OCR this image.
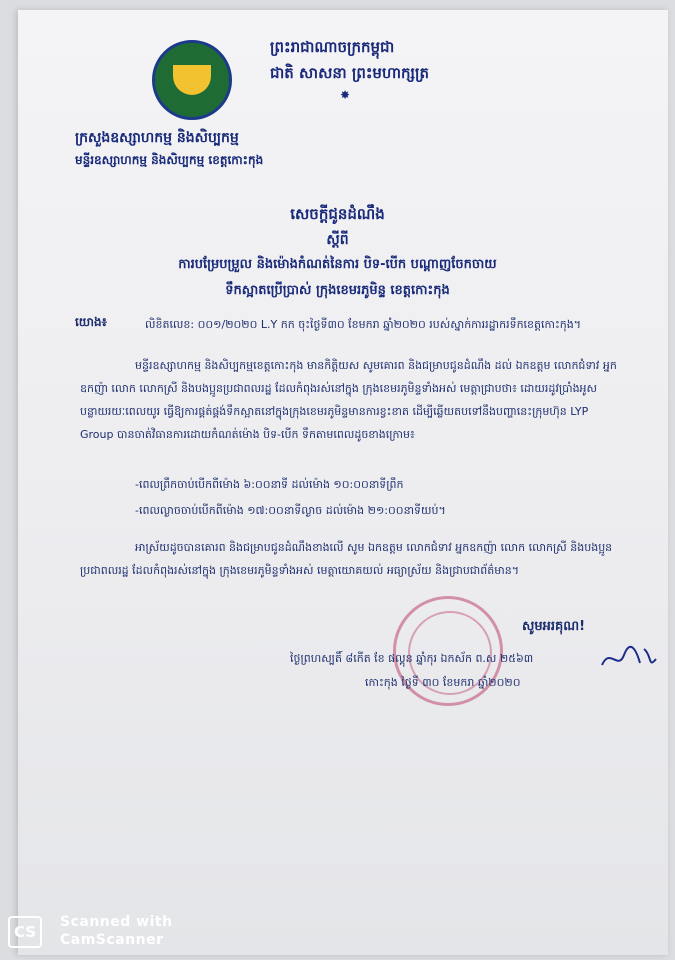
ព្រះរាជាណាចក្រកម្ពុជា
ជាតិ សាសនា ព្រះមហាក្សត្រ
✸
ក្រសួងឧស្សាហកម្ម និងសិប្បកម្ម
មន្ទីរឧស្សាហកម្ម និងសិប្បកម្ម ខេត្តកោះកុង
សេចក្តីជូនដំណឹង
ស្តីពី
ការបម្រែបម្រួល និងម៉ោងកំណត់នៃការ បិទ-បើក បណ្តាញចែកចាយ
ទឹកស្អាតប្រើប្រាស់ ក្រុងខេមរភូមិន្ទ ខេត្តកោះកុង
យោង៖	លិខិតលេខ: ០០១/២០២០ L.Y កក ចុះថ្ងៃទី៣០ ខែមករា ឆ្នាំ២០២០ របស់ស្នាក់ការរដ្ឋាករទឹកខេត្តកោះកុង។
មន្ទីរឧស្សាហកម្ម និងសិប្បកម្មខេត្តកោះកុង មានកិត្តិយស សូមគោរព និងជម្រាបជូនដំណឹង ដល់ ឯកឧត្តម លោកជំទាវ អ្នកឧកញ៉ា លោក លោកស្រី និងបងប្អូនប្រជាពលរដ្ឋ ដែលកំពុងរស់នៅក្នុង ក្រុងខេមរភូមិន្ទទាំងអស់ មេត្តាជ្រាបថា៖ ដោយរដូវប្រាំងអូសបន្លាយរយៈពេលយូរ ធ្វើឱ្យការផ្គត់ផ្គង់ទឹកស្អាតនៅក្នុងក្រុងខេមរភូមិន្ទមានការខ្វះខាត ដើម្បីឆ្លើយតបទៅនឹងបញ្ហានេះក្រុមហ៊ុន LYP Group បានចាត់វិធានការដោយកំណត់ម៉ោង បិទ-បើក ទឹកតាមពេលដូចខាងក្រោម៖
-ពេលព្រឹកចាប់បើកពីម៉ោង ៦:០០នាទី ដល់ម៉ោង ១០:០០នាទីព្រឹក
-ពេលល្ងាចចាប់បើកពីម៉ោង ១៧:០០នាទីល្ងាច ដល់ម៉ោង ២១:០០នាទីយប់។
អាស្រ័យដូចបានគោរព និងជម្រាបជូនដំណឹងខាងលើ សូម ឯកឧត្តម លោកជំទាវ អ្នកឧកញ៉ា លោក លោកស្រី និងបងប្អូនប្រជាពលរដ្ឋ ដែលកំពុងរស់នៅក្នុង ក្រុងខេមរភូមិន្ទទាំងអស់ មេត្តាយោគយល់ អធ្យាស្រ័យ និងជ្រាបជាព័ត៌មាន។
សូមអរគុណ!
ថ្ងៃព្រហស្បតិ៍ ៨កើត ខែ ផល្គុន ឆ្នាំកុរ ឯកស័ក ព.ស ២៥៦៣
កោះកុង ថ្ងៃទី ៣០ ខែមករា ឆ្នាំ២០២០
CS
Scanned with
CamScanner
